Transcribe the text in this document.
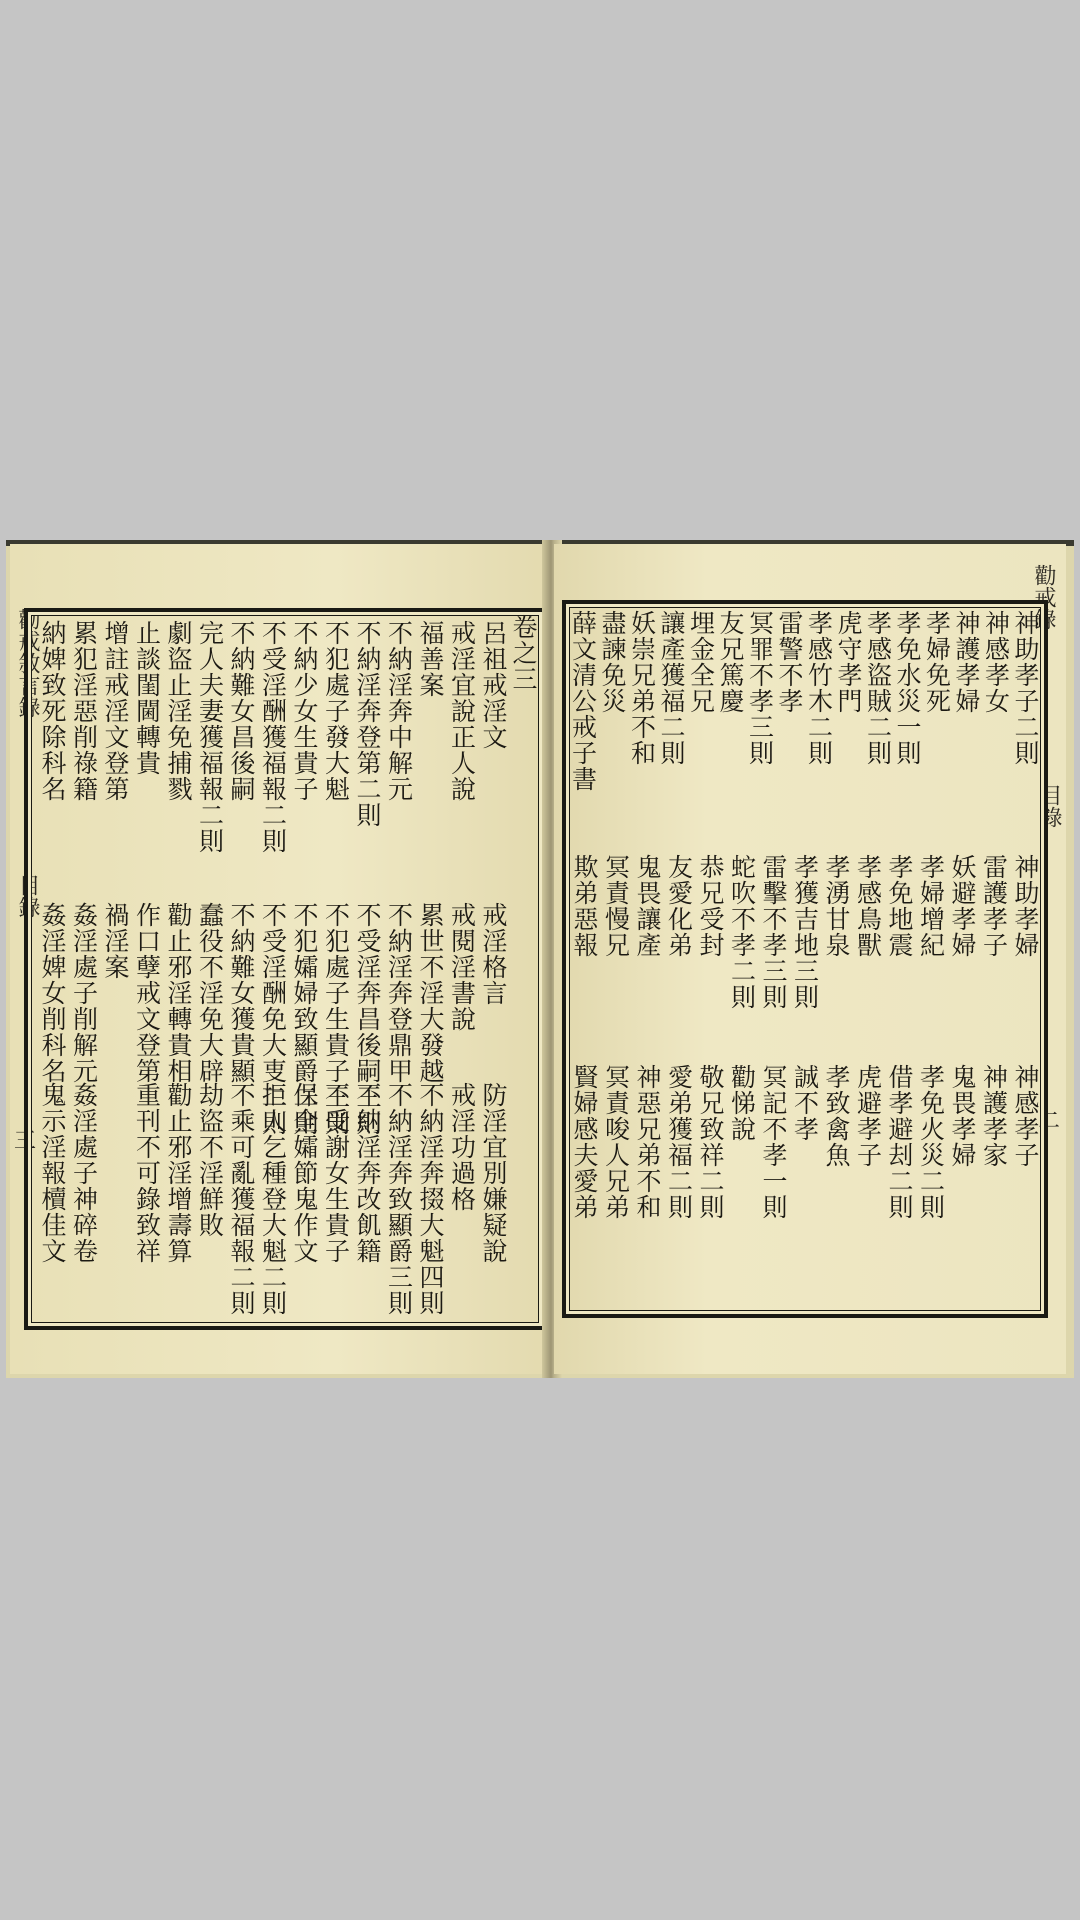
勸戒敘言錄
目錄
三
卷之三
呂祖戒淫文
戒淫宜說正人說
福善案
不納淫奔中解元
不納淫奔登第二則
不犯處子發大魁
不納少女生貴子
不受淫酬獲福報二則
不納難女昌後嗣
完人夫妻獲福報二則
劇盜止淫免捕戮
止談閨閫轉貴
增註戒淫文登第
累犯淫惡削祿籍
納婢致死除科名
戒淫格言
戒閱淫書說
累世不淫大發越
不納淫奔登鼎甲
不受淫奔昌後嗣三則
不犯處子生貴子三則
不犯孀婦致顯爵二則
不受淫酬免大叓二則
不納難女獲貴顯
蠢役不淫免大辟
勸止邪淫轉貴相
作口孽戒文登第
禍淫案
姦淫處子削解元
姦淫婢女削科名
防淫宜別嫌疑說
戒淫功過格
不納淫奔掇大魁四則
不納淫奔致顯爵三則
不納淫奔改飢籍
不受謝女生貴子
保全孀節鬼作文
拒人乞種登大魁二則
不乘可亂獲福報二則
劫盜不淫鮮敗
勸止邪淫增壽算
重刊不可錄致祥
姦淫處子神碎卷
鬼示淫報櫝佳文
勸戒錄
目錄
二
神助孝子二則
神感孝女
神護孝婦
孝婦免死
孝免水災一則
孝感盜賊二則
虎守孝門
孝感竹木二則
雷警不孝
冥罪不孝三則
友兄篤慶
埋金全兄
讓產獲福二則
妖崇兄弟不和
盡諫免災
薛文清公戒子書
神助孝婦
雷護孝子
妖避孝婦
孝婦增紀
孝免地震
孝感鳥獸
孝湧甘泉
孝獲吉地三則
雷擊不孝三則
蛇吹不孝二則
恭兄受封
友愛化弟
鬼畏讓產
冥責慢兄
欺弟惡報
神感孝子
神護孝家
鬼畏孝婦
孝免火災二則
借孝避刦二則
虎避孝子
孝致禽魚
誠不孝
冥記不孝一則
勸悌說
敬兄致祥二則
愛弟獲福二則
神惡兄弟不和
冥責唆人兄弟
賢婦感夫愛弟
